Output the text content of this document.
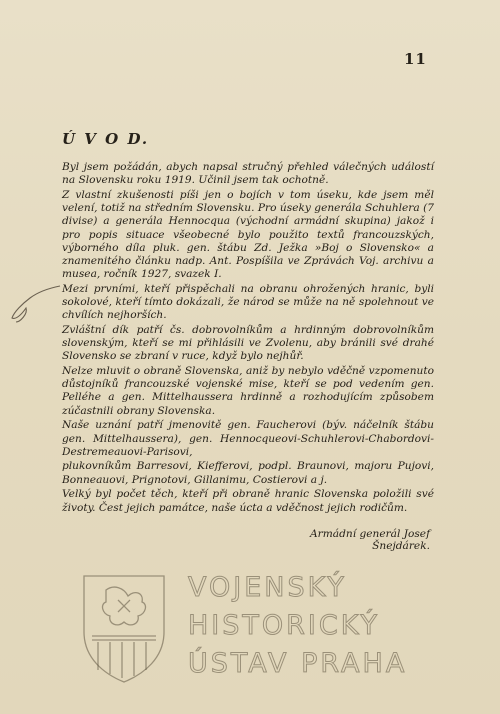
11
Ú V O D.

Byl jsem požádán, abych napsal stručný přehled válečných událostí na Slovensku roku 1919. Učinil jsem tak ochotně.

Z vlastní zkušenosti píši jen o bojích v tom úseku, kde jsem měl velení, totiž na středním Slovensku. Pro úseky generála Schuhlera (7 divise) a generála Hennocqua (východní armádní skupina) jakož i pro popis situace všeobecné bylo použito textů francouzských, výborného díla pluk. gen. štábu Zd. Ježka »Boj o Slovensko« a znamenitého článku nadp. Ant. Pospíšila ve Zprávách Voj. archivu a musea, ročník 1927, svazek I.

Mezi prvními, kteří přispěchali na obranu ohrožených hranic, byli sokolové, kteří tímto dokázali, že národ se může na ně spolehnout ve chvílích nejhorších.

Zvláštní dík patří čs. dobrovolníkům a hrdinným dobrovolníkům slovenským, kteří se mi přihlásili ve Zvolenu, aby bránili své drahé Slovensko se zbraní v ruce, když bylo nejhůř.

Nelze mluvit o obraně Slovenska, aniž by nebylo vděčně vzpomenuto důstojníků francouzské vojenské mise, kteří se pod vedením gen. Pelléhe a gen. Mittelhaussera hrdinně a rozhodujícím způsobem zúčastnili obrany Slovenska.

Naše uznání patří jmenovitě gen. Faucherovi (býv. náčelník štábu gen. Mittelhaussera), gen. Hennocqueovi-Schuhlerovi-Chabordovi-Destremeauovi-Parisovi,

plukovníkům Barresovi, Kiefferovi, podpl. Braunovi, majoru Pujovi, Bonneauovi, Prignotovi, Gillanimu, Costierovi a j.

Velký byl počet těch, kteří při obraně hranic Slovenska položili své životy. Čest jejich památce, naše úcta a vděčnost jejich rodičům.

Armádní generál Josef Šnejdárek.
VOJENSKÝ
HISTORICKÝ
ÚSTAV PRAHA
